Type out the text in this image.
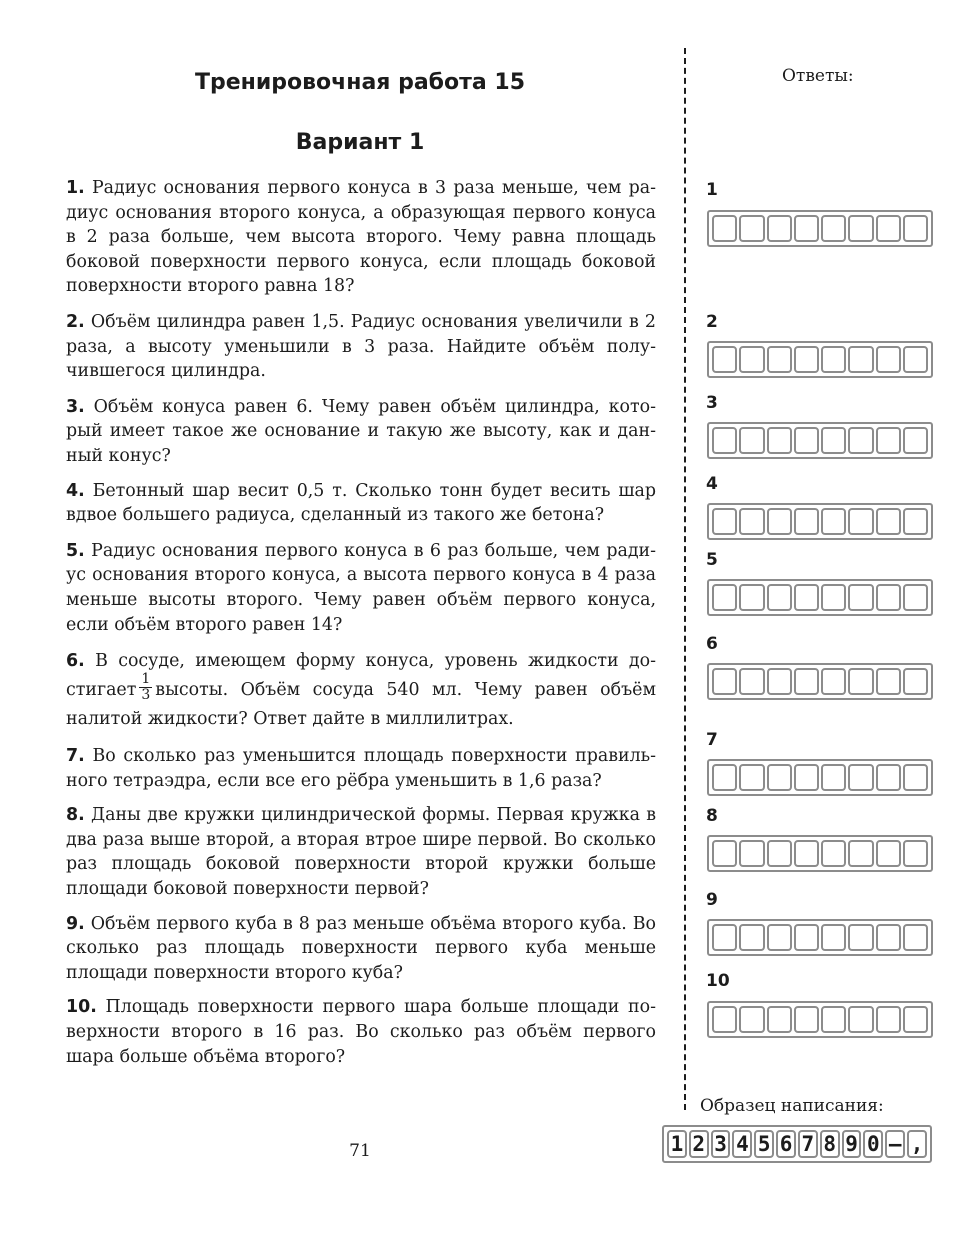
Тренировочная работа 15
Вариант 1

1. Радиус основания первого конуса в 3 раза меньше, чем радиус основания второго конуса, а образующая первого конуса в 2 раза больше, чем высота второго. Чему равна площадь боковой поверхности первого конуса, если площадь боковой поверхности второго равна 18?

2. Объём цилиндра равен 1,5. Радиус основания увеличили в 2 раза, а высоту уменьшили в 3 раза. Найдите объём получившегося цилиндра.

3. Объём конуса равен 6. Чему равен объём цилиндра, который имеет такое же основание и такую же высоту, как и данный конус?

4. Бетонный шар весит 0,5 т. Сколько тонн будет весить шар вдвое большего радиуса, сделанный из такого же бетона?

5. Радиус основания первого конуса в 6 раз больше, чем радиус основания второго конуса, а высота первого конуса в 4 раза меньше высоты второго. Чему равен объём первого конуса, если объём второго равен 14?

6. В сосуде, имеющем форму конуса, уровень жидкости достигает $\frac{1}{3}$ высоты. Объём сосуда 540 мл. Чему равен объём налитой жидкости? Ответ дайте в миллилитрах.

7. Во сколько раз уменьшится площадь поверхности правильного тетраэдра, если все его рёбра уменьшить в 1,6 раза?

8. Даны две кружки цилиндрической формы. Первая кружка в два раза выше второй, а вторая втрое шире первой. Во сколько раз площадь боковой поверхности второй кружки больше площади боковой поверхности первой?

9. Объём первого куба в 8 раз меньше объёма второго куба. Во сколько раз площадь поверхности первого куба меньше площади поверхности второго куба?

10. Площадь поверхности первого шара больше площади поверхности второго в 16 раз. Во сколько раз объём первого шара больше объёма второго?

Ответы:
1
2
3
4
5
6
7
8
9
10
Образец написания:
1 2 3 4 5 6 7 8 9 0 – ,
71
